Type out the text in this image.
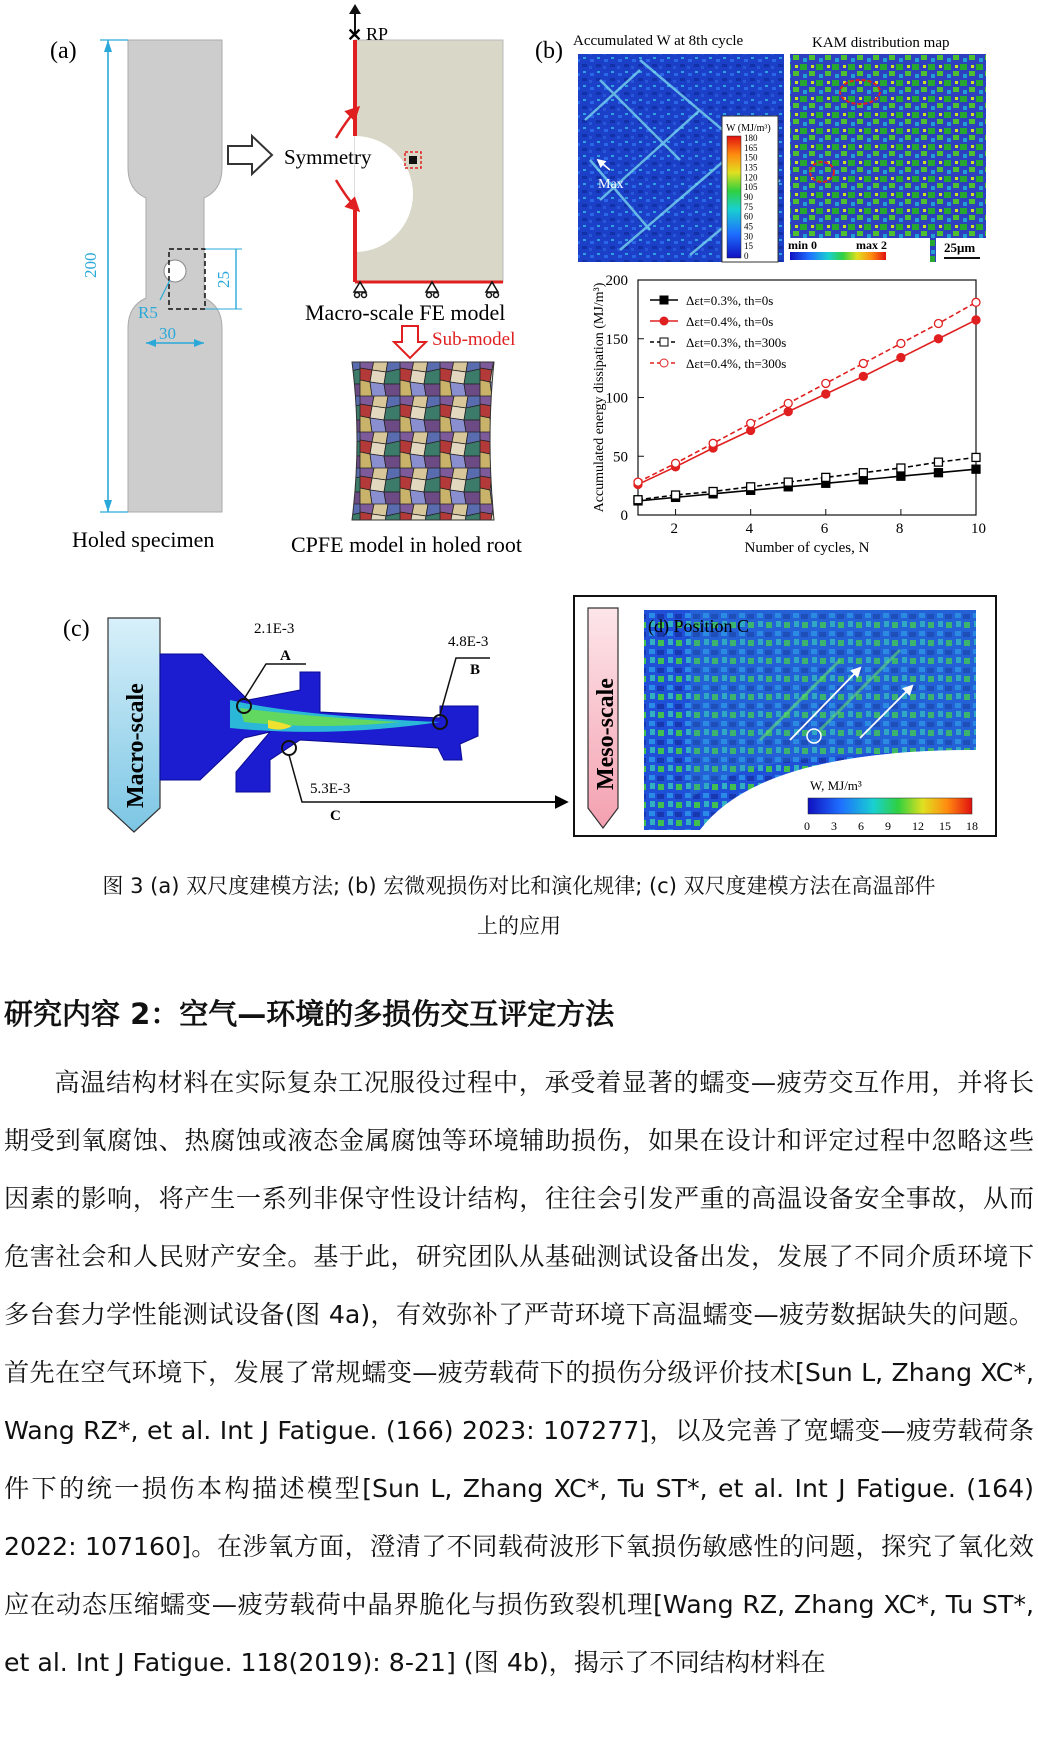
(a)
200
25
R5
30
Holed specimen
✕ RP
Symmetry
Macro-scale FE model
Sub-model
CPFE model in holed root
(b) Accumulated W at 8th cycle	KAM distribution map
Max
W (MJ/m³)
180
165
150
135
120
105
90
75
60
45
30
15
0
min 0	max 2	25μm
2	4	6	8	10
0
50
100
150
200
Number of cycles, N
Accumulated energy dissipation (MJ/m³)	Δεt=0.3%, th=0s
Δεt=0.4%, th=0s
Δεt=0.3%, th=300s
Δεt=0.4%, th=300s
(c)
Macro-scale
2.1E-3
A
4.8E-3
B
5.3E-3
C
Meso-scale
(d) Position C
W, MJ/m³
0 3 6 9 12 15 18
图 3 (a) 双尺度建模方法; (b) 宏微观损伤对比和演化规律; (c) 双尺度建模方法在高温部件
上的应用
研究内容 2：空气—环境的多损伤交互评定方法

高温结构材料在实际复杂工况服役过程中，承受着显著的蠕变—疲劳交互作用，并将长期受到氧腐蚀、热腐蚀或液态金属腐蚀等环境辅助损伤，如果在设计和评定过程中忽略这些因素的影响，将产生一系列非保守性设计结构，往往会引发严重的高温设备安全事故，从而危害社会和人民财产安全。基于此，研究团队从基础测试设备出发，发展了不同介质环境下多台套力学性能测试设备(图 4a)，有效弥补了严苛环境下高温蠕变—疲劳数据缺失的问题。首先在空气环境下，发展了常规蠕变—疲劳载荷下的损伤分级评价技术[Sun L, Zhang XC*, Wang RZ*, et al. Int J Fatigue. (166) 2023: 107277]，以及完善了宽蠕变—疲劳载荷条件下的统一损伤本构描述模型[Sun L, Zhang XC*, Tu ST*, et al. Int J Fatigue. (164) 2022: 107160]。在涉氧方面，澄清了不同载荷波形下氧损伤敏感性的问题，探究了氧化效应在动态压缩蠕变—疲劳载荷中晶界脆化与损伤致裂机理[Wang RZ, Zhang XC*, Tu ST*, et al. Int J Fatigue. 118(2019): 8-21] (图 4b)，揭示了不同结构材料在
